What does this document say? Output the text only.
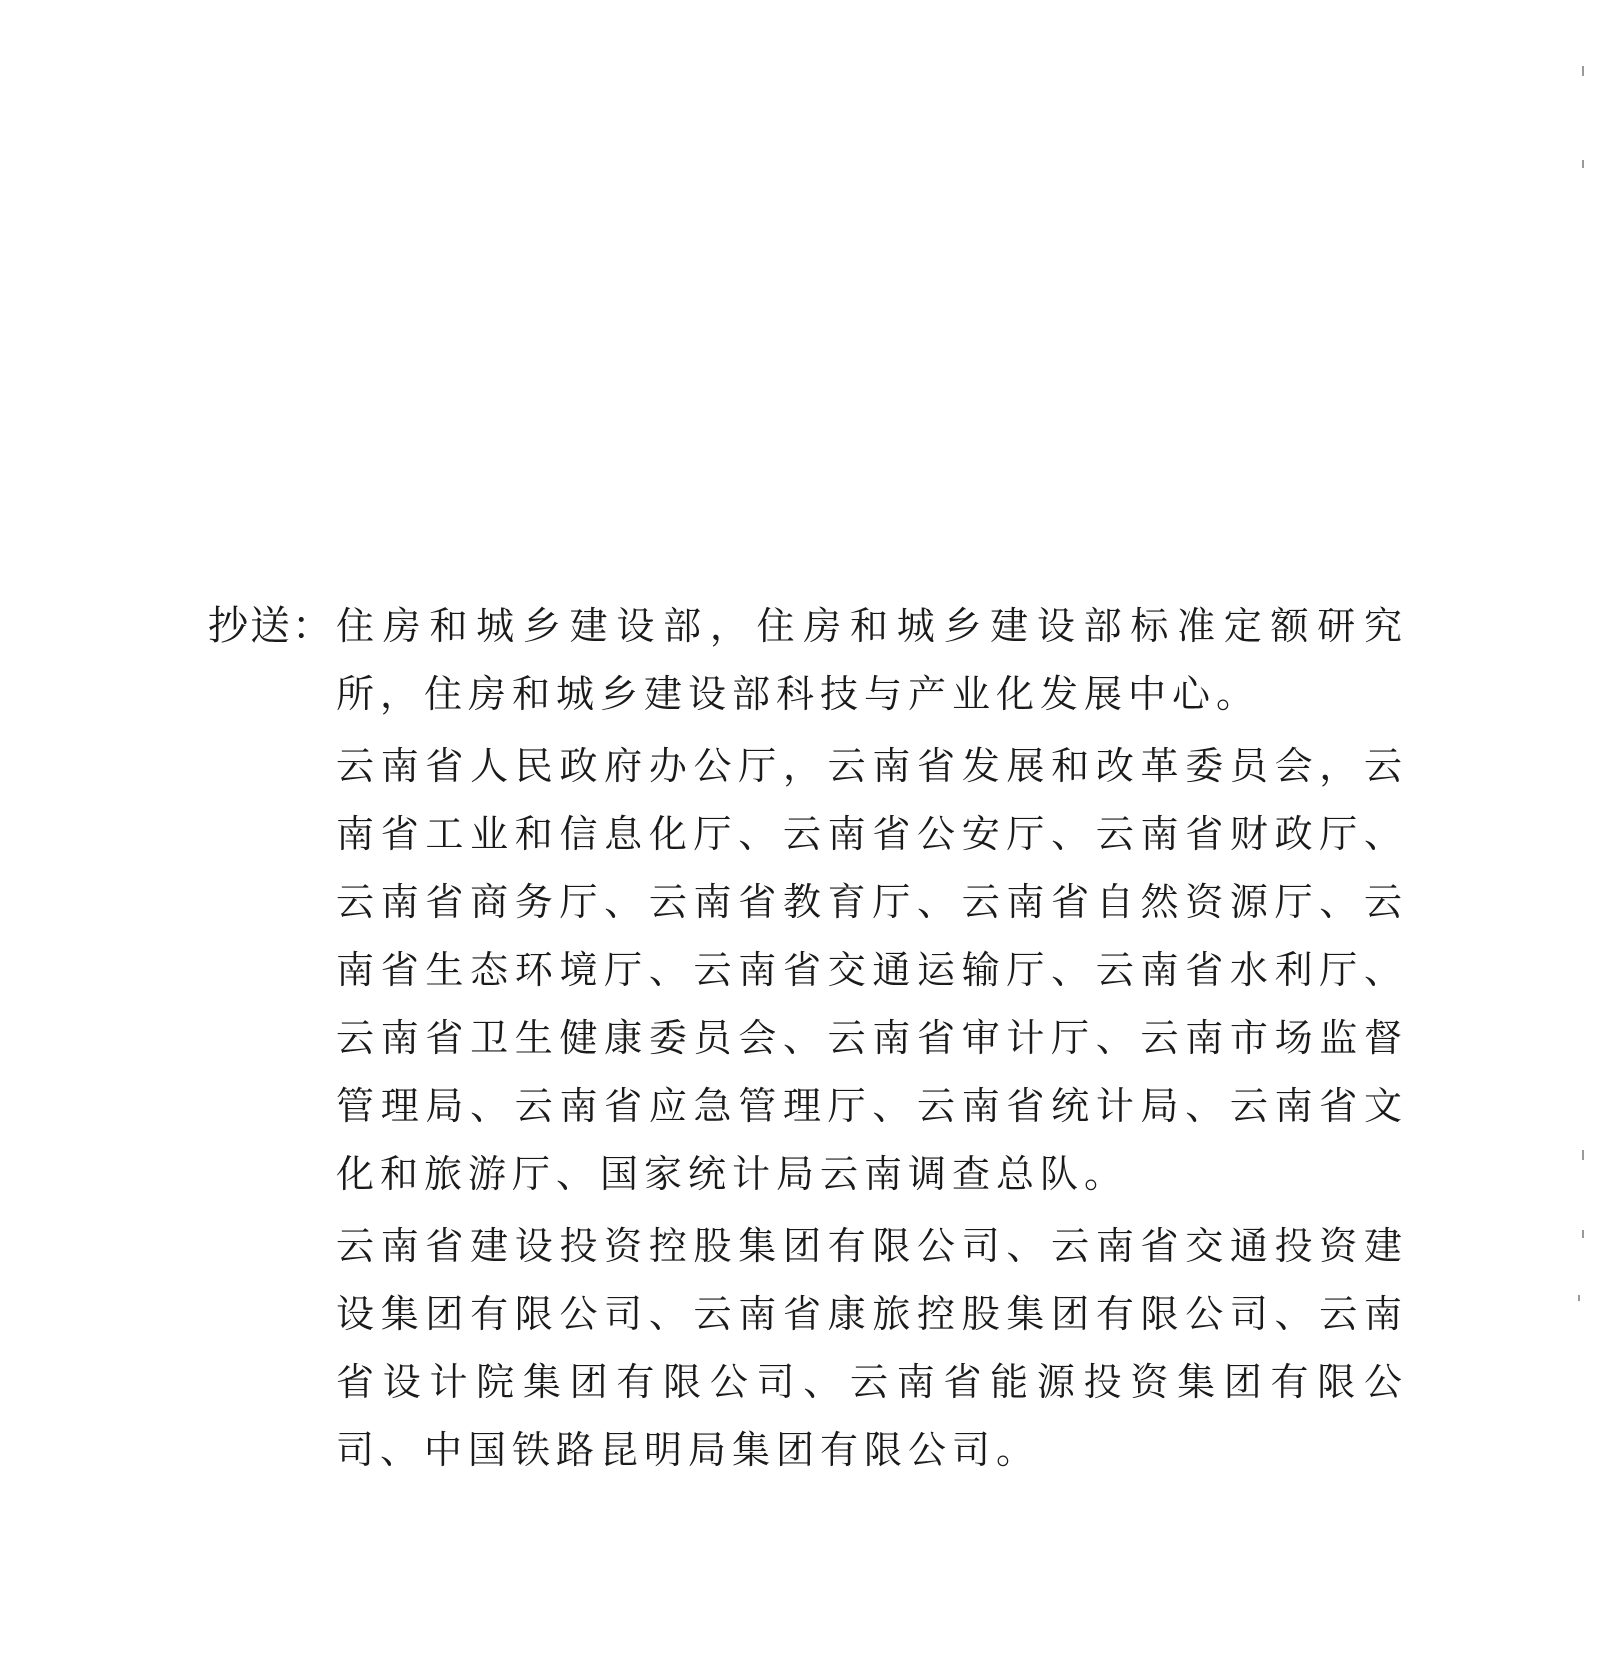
抄送： 住房和城乡建设部，住房和城乡建设部标准定额研究所，住房和城乡建设部科技与产业化发展中心。

云南省人民政府办公厅，云南省发展和改革委员会，云南省工业和信息化厅、云南省公安厅、云南省财政厅、云南省商务厅、云南省教育厅、云南省自然资源厅、云南省生态环境厅、云南省交通运输厅、云南省水利厅、云南省卫生健康委员会、云南省审计厅、云南市场监督管理局、云南省应急管理厅、云南省统计局、云南省文化和旅游厅、国家统计局云南调查总队。

云南省建设投资控股集团有限公司、云南省交通投资建设集团有限公司、云南省康旅控股集团有限公司、云南省设计院集团有限公司、云南省能源投资集团有限公司、中国铁路昆明局集团有限公司。
